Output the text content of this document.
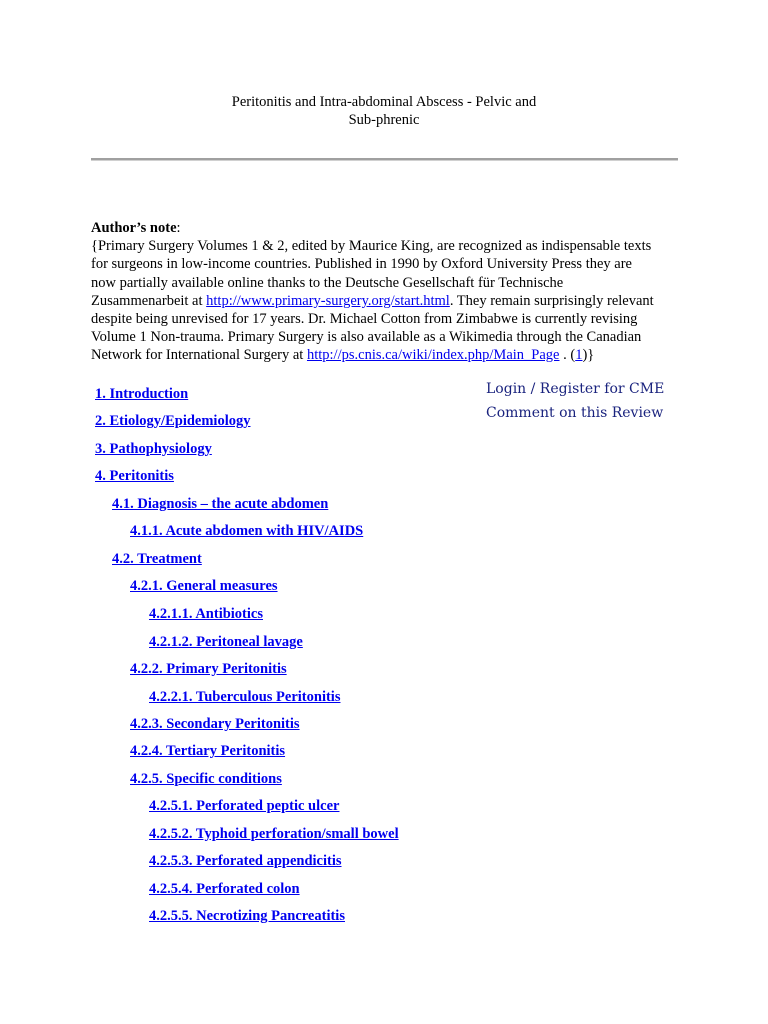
Peritonitis and Intra-abdominal Abscess - Pelvic and
Sub-phrenic
Author’s note:
{Primary Surgery Volumes 1 & 2, edited by Maurice King, are recognized as indispensable texts
for surgeons in low-income countries. Published in 1990 by Oxford University Press they are
now partially available online thanks to the Deutsche Gesellschaft für Technische
Zusammenarbeit at http://www.primary-surgery.org/start.html. They remain surprisingly relevant
despite being unrevised for 17 years. Dr. Michael Cotton from Zimbabwe is currently revising
Volume 1 Non-trauma. Primary Surgery is also available as a Wikimedia through the Canadian
Network for International Surgery at http://ps.cnis.ca/wiki/index.php/Main_Page . (1)}
Login / Register for CME
Comment on this Review
1. Introduction
2. Etiology/Epidemiology
3. Pathophysiology
4. Peritonitis
4.1. Diagnosis – the acute abdomen
4.1.1. Acute abdomen with HIV/AIDS
4.2. Treatment
4.2.1. General measures
4.2.1.1. Antibiotics
4.2.1.2. Peritoneal lavage
4.2.2. Primary Peritonitis
4.2.2.1. Tuberculous Peritonitis
4.2.3. Secondary Peritonitis
4.2.4. Tertiary Peritonitis
4.2.5. Specific conditions
4.2.5.1. Perforated peptic ulcer
4.2.5.2. Typhoid perforation/small bowel
4.2.5.3. Perforated appendicitis
4.2.5.4. Perforated colon
4.2.5.5. Necrotizing Pancreatitis
